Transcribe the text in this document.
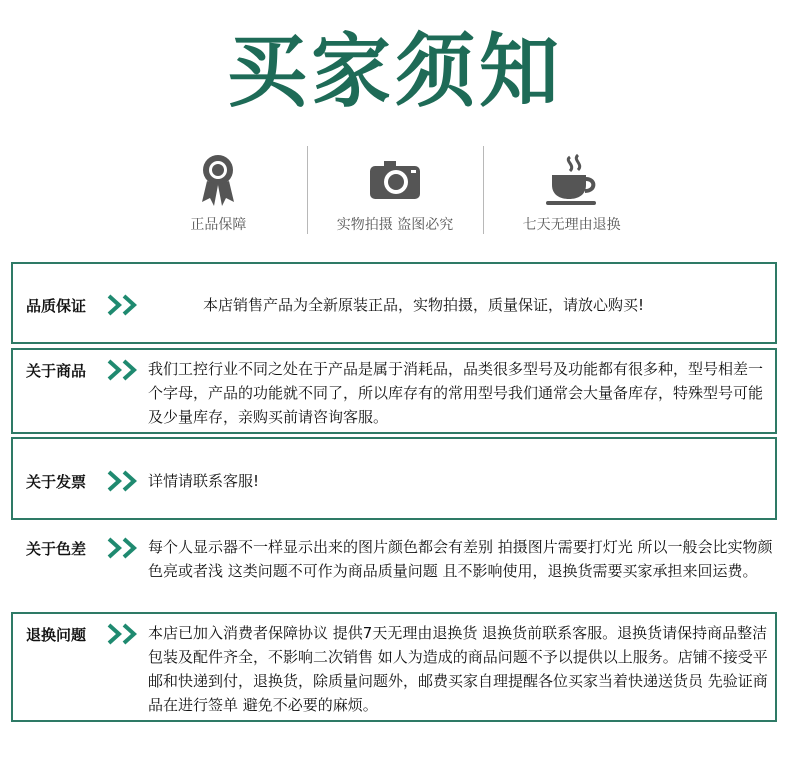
买家须知
正品保障	实物拍摄 盗图必究	七天无理由退换
品质保证	本店销售产品为全新原装正品，实物拍摄，质量保证，请放心购买!
关于商品	我们工控行业不同之处在于产品是属于消耗品，品类很多型号及功能都有很多种，型号相差一个字母，产品的功能就不同了，所以库存有的常用型号我们通常会大量备库存，特殊型号可能及少量库存，亲购买前请咨询客服。
关于发票	详情请联系客服!
关于色差	每个人显示器不一样显示出来的图片颜色都会有差别 拍摄图片需要打灯光 所以一般会比实物颜色亮或者浅 这类问题不可作为商品质量问题 且不影响使用，退换货需要买家承担来回运费。
退换问题	本店已加入消费者保障协议 提供7天无理由退换货 退换货前联系客服。退换货请保持商品整洁包装及配件齐全，不影响二次销售 如人为造成的商品问题不予以提供以上服务。店铺不接受平邮和快递到付，退换货，除质量问题外，邮费买家自理提醒各位买家当着快递送货员 先验证商品在进行签单 避免不必要的麻烦。
